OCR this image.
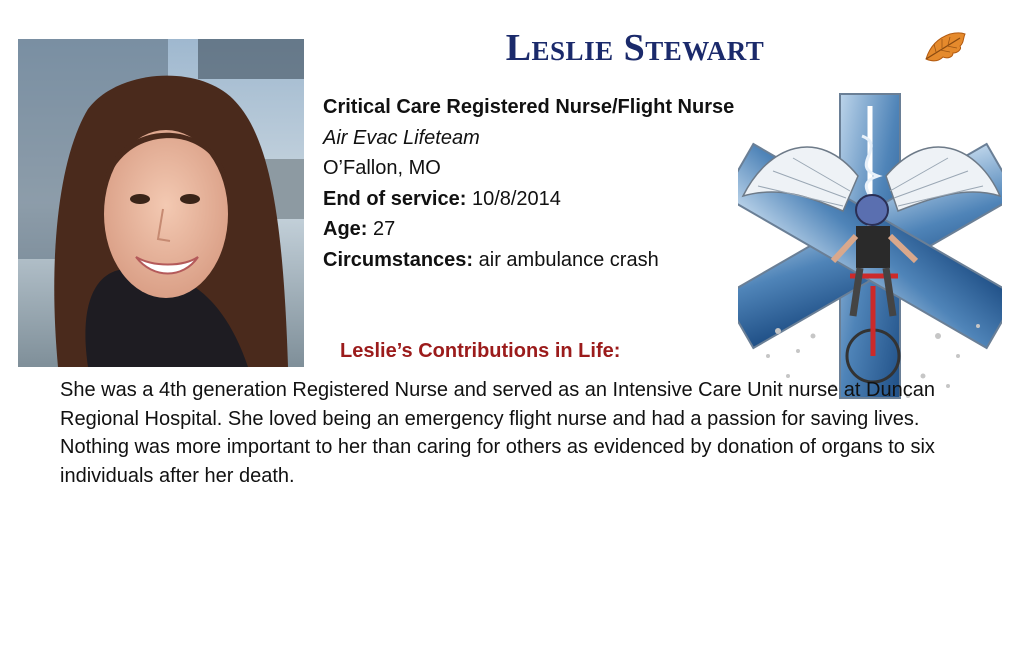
Leslie Stewart
Critical Care Registered Nurse/Flight Nurse
Air Evac Lifeteam
O’Fallon, MO
End of service: 10/8/2014
Age: 27
Circumstances: air ambulance crash
Leslie’s Contributions in Life:
She was a 4th generation Registered Nurse and served as an Intensive Care Unit nurse at Duncan Regional Hospital. She loved being an emergency flight nurse and had a passion for saving lives. Nothing was more important to her than caring for others as evidenced by donation of organs to six individuals after her death.
